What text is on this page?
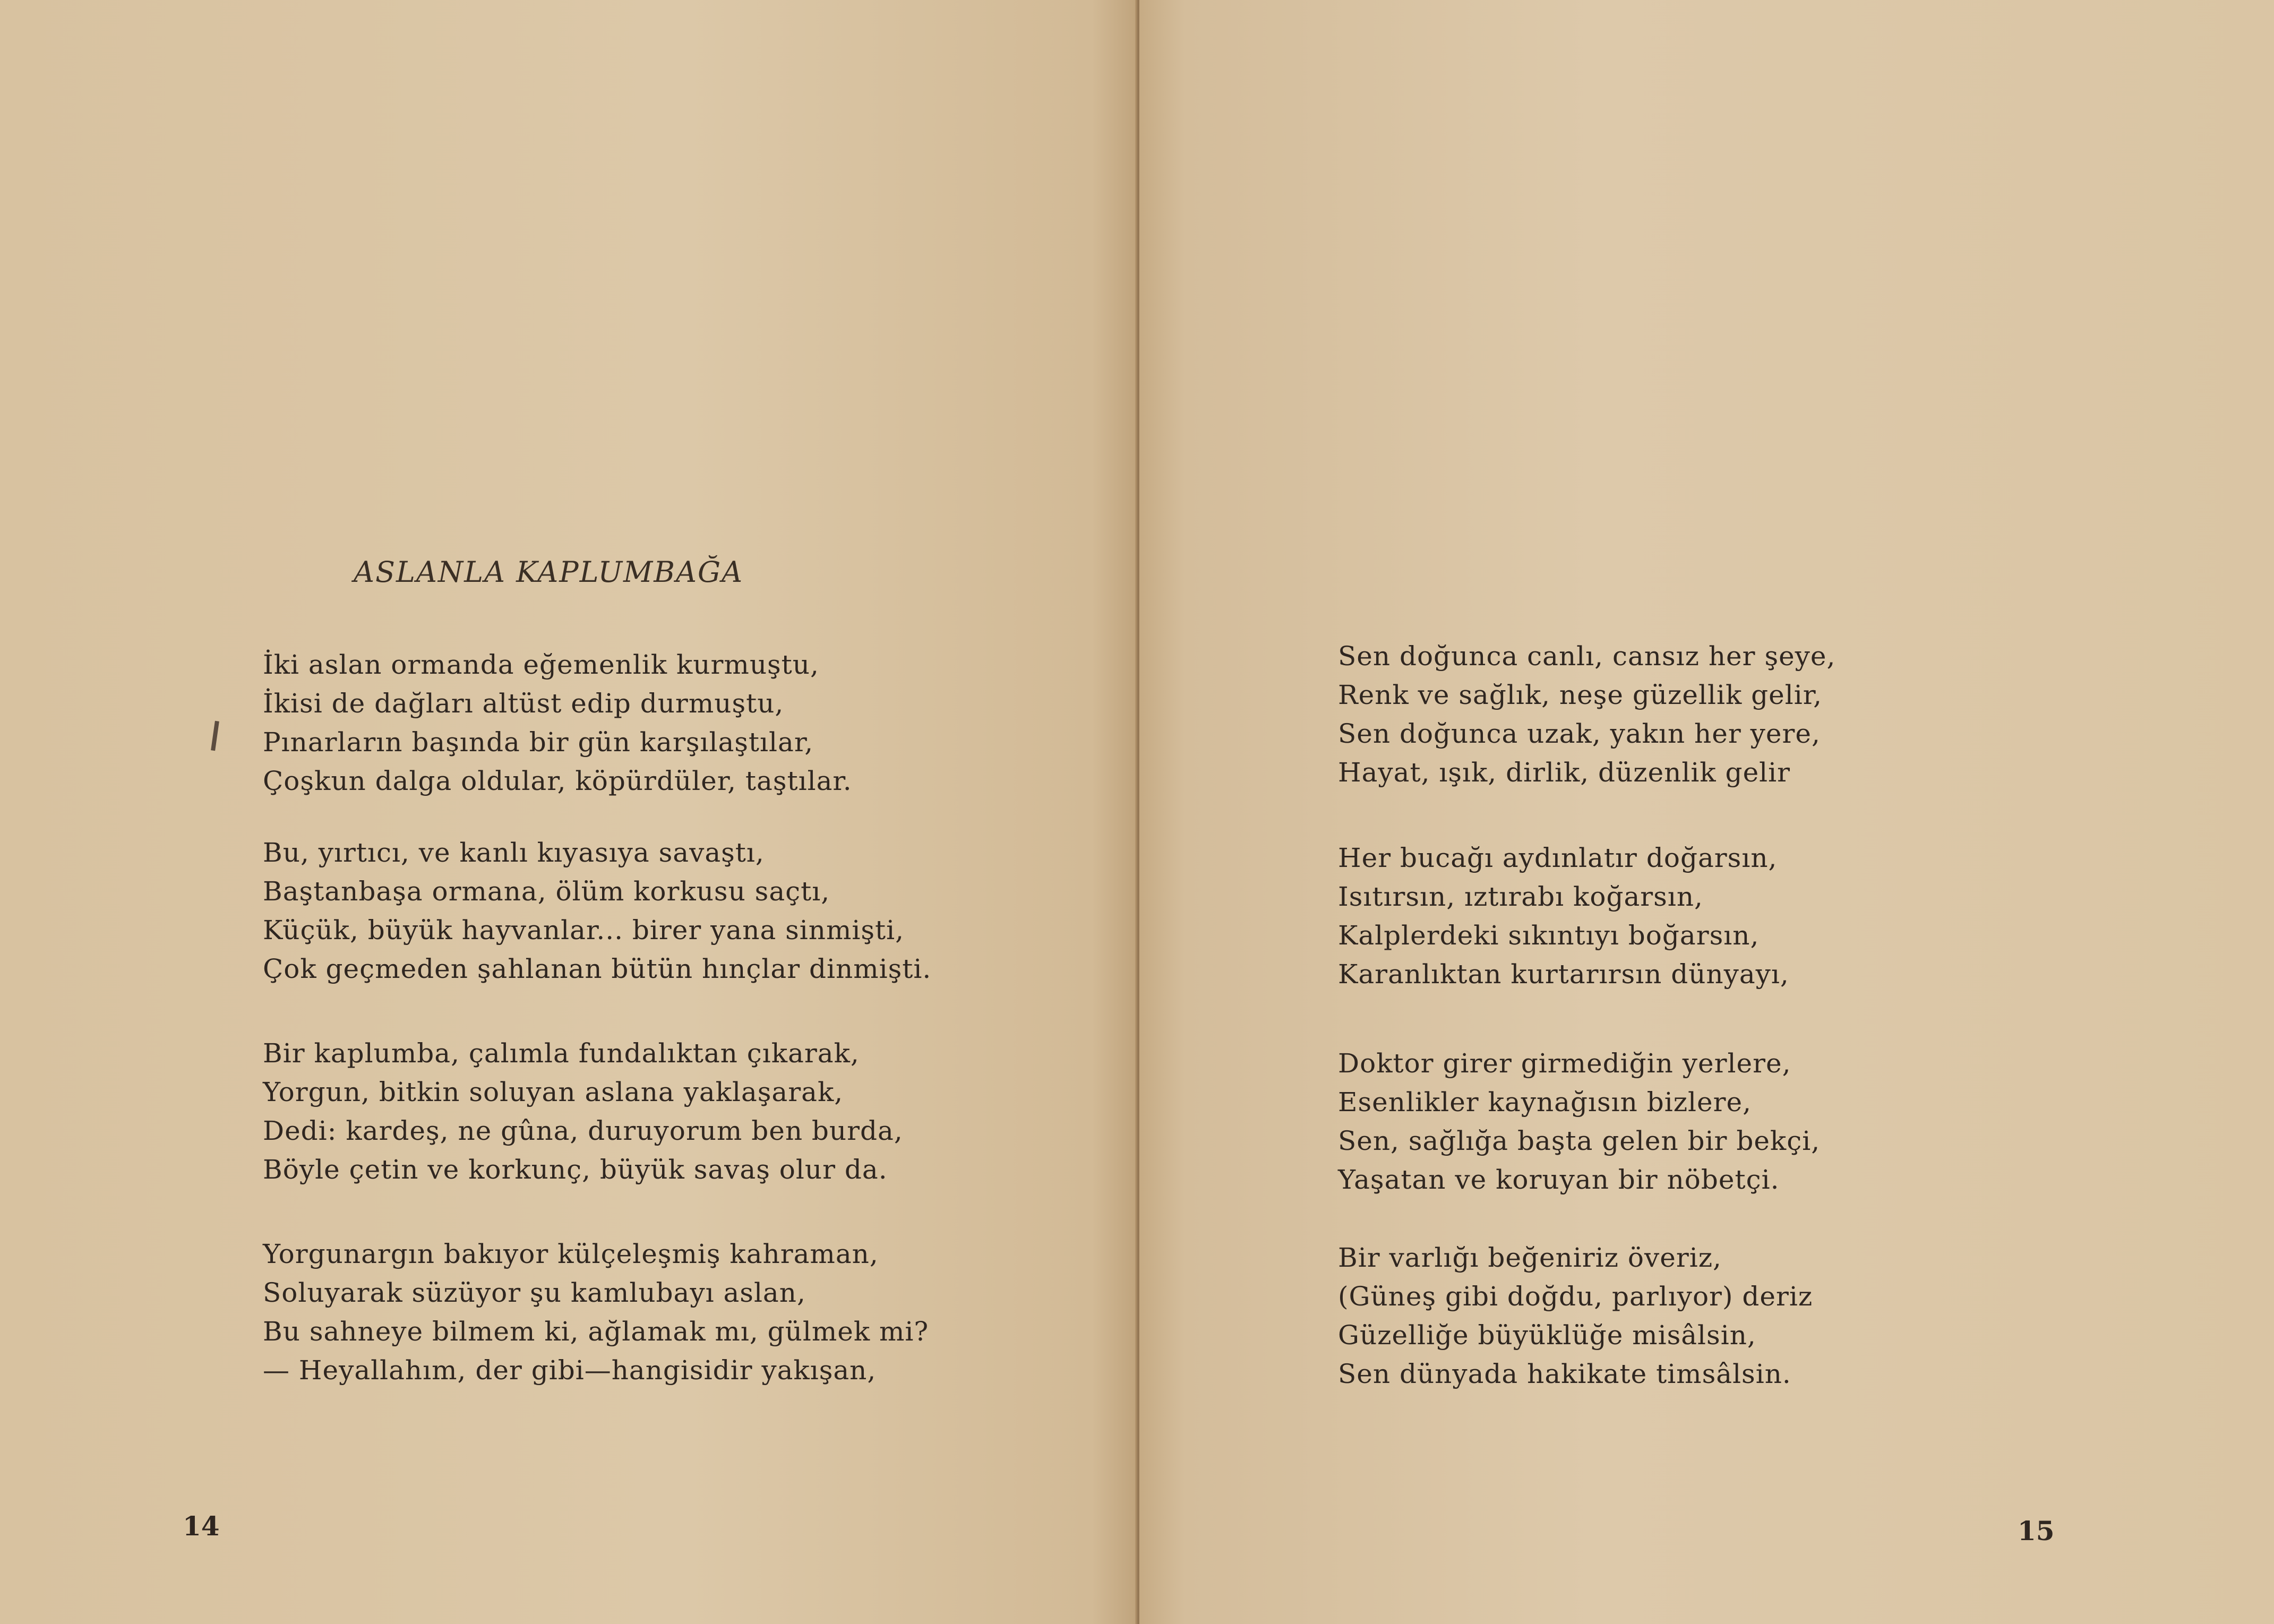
ASLANLA KAPLUMBAĞA
İki aslan ormanda eğemenlik kurmuştu,
İkisi de dağları altüst edip durmuştu,
Pınarların başında bir gün karşılaştılar,
Çoşkun dalga oldular, köpürdüler, taştılar.
Bu, yırtıcı, ve kanlı kıyasıya savaştı,
Baştanbaşa ormana, ölüm korkusu saçtı,
Küçük, büyük hayvanlar... birer yana sinmişti,
Çok geçmeden şahlanan bütün hınçlar dinmişti.
Bir kaplumba, çalımla fundalıktan çıkarak,
Yorgun, bitkin soluyan aslana yaklaşarak,
Dedi: kardeş, ne gûna, duruyorum ben burda,
Böyle çetin ve korkunç, büyük savaş olur da.
Yorgunargın bakıyor külçeleşmiş kahraman,
Soluyarak süzüyor şu kamlubayı aslan,
Bu sahneye bilmem ki, ağlamak mı, gülmek mi?
— Heyallahım, der gibi—hangisidir yakışan,
14
Sen doğunca canlı, cansız her şeye,
Renk ve sağlık, neşe güzellik gelir,
Sen doğunca uzak, yakın her yere,
Hayat, ışık, dirlik, düzenlik gelir
Her bucağı aydınlatır doğarsın,
Isıtırsın, ıztırabı koğarsın,
Kalplerdeki sıkıntıyı boğarsın,
Karanlıktan kurtarırsın dünyayı,
Doktor girer girmediğin yerlere,
Esenlikler kaynağısın bizlere,
Sen, sağlığa başta gelen bir bekçi,
Yaşatan ve koruyan bir nöbetçi.
Bir varlığı beğeniriz överiz,
(Güneş gibi doğdu, parlıyor) deriz
Güzelliğe büyüklüğe misâlsin,
Sen dünyada hakikate timsâlsin.
15
